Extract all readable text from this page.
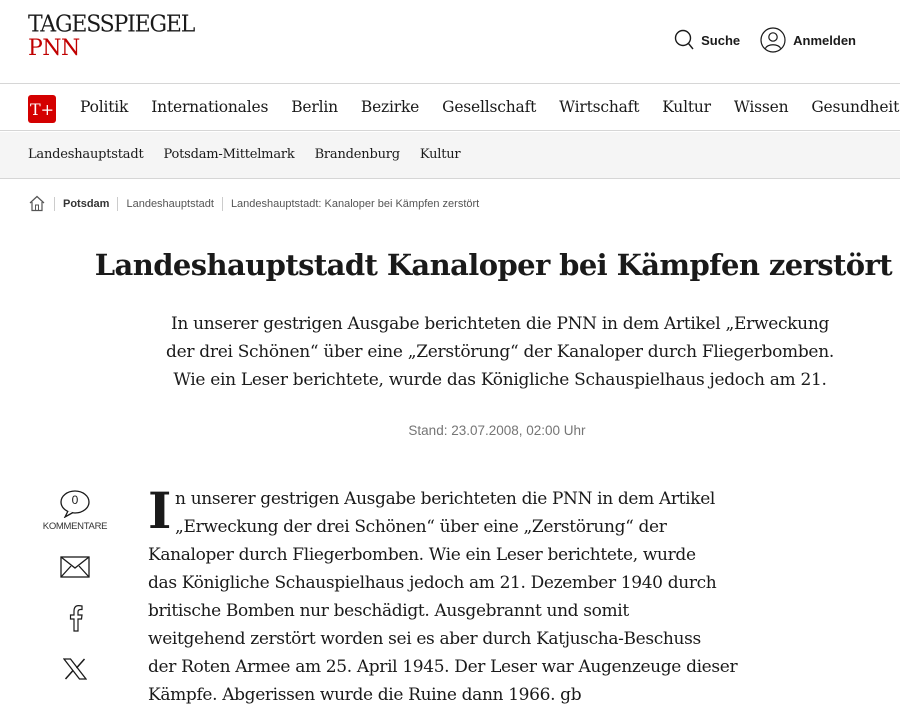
TAGESSPIEGEL
PNN	Suche	Anmelden
T+ Politik Internationales Berlin Bezirke Gesellschaft Wirtschaft Kultur Wissen Gesundheit
Landeshauptstadt Potsdam-Mittelmark Brandenburg Kultur
Potsdam Landeshauptstadt Landeshauptstadt: Kanaloper bei Kämpfen zerstört
Landeshauptstadt Kanaloper bei Kämpfen zerstört
In unserer gestrigen Ausgabe berichteten die PNN in dem Artikel „Erweckung
der drei Schönen“ über eine „Zerstörung“ der Kanaloper durch Fliegerbomben.
Wie ein Leser berichtete, wurde das Königliche Schauspielhaus jedoch am 21.
Stand: 23.07.2008, 02:00 Uhr
0
KOMMENTARE I n unserer gestrigen Ausgabe berichteten die PNN in dem Artikel
„Erweckung der drei Schönen“ über eine „Zerstörung“ der
Kanaloper durch Fliegerbomben. Wie ein Leser berichtete, wurde
das Königliche Schauspielhaus jedoch am 21. Dezember 1940 durch
britische Bomben nur beschädigt. Ausgebrannt und somit
weitgehend zerstört worden sei es aber durch Katjuscha-Beschuss
der Roten Armee am 25. April 1945. Der Leser war Augenzeuge dieser
Kämpfe. Abgerissen wurde die Ruine dann 1966. gb
